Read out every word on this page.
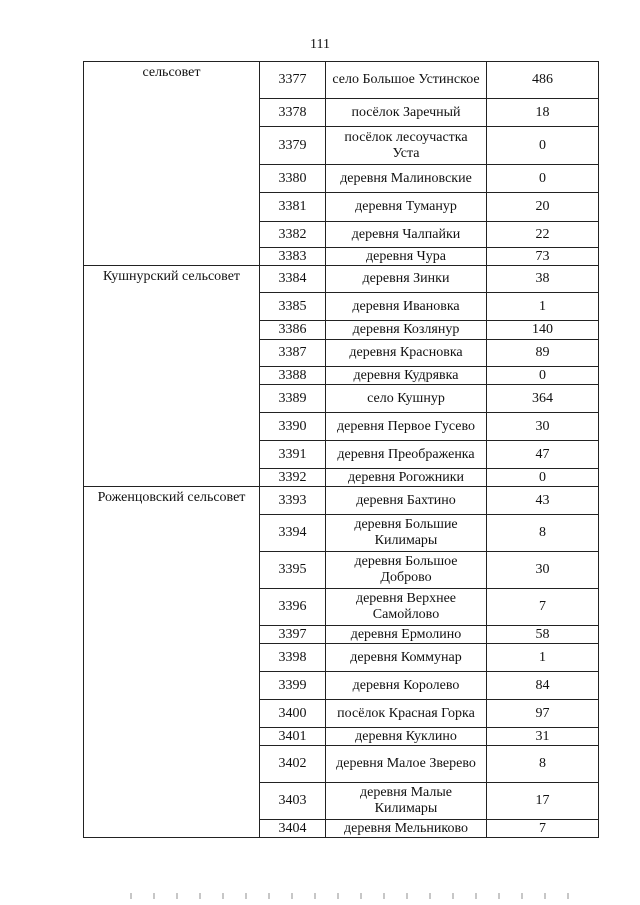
111
сельсовет	3377	село Большое Устинское	486
	3378	посёлок Заречный	18
	3379	посёлок лесоучастка Уста	0
	3380	деревня Малиновские	0
	3381	деревня Туманур	20
	3382	деревня Чалпайки	22
	3383	деревня Чура	73
Кушнурский сельсовет	3384	деревня Зинки	38
	3385	деревня Ивановка	1
	3386	деревня Козлянур	140
	3387	деревня Красновка	89
	3388	деревня Кудрявка	0
	3389	село Кушнур	364
	3390	деревня Первое Гусево	30
	3391	деревня Преображенка	47
	3392	деревня Рогожники	0
Роженцовский сельсовет	3393	деревня Бахтино	43
	3394	деревня Большие Килимары	8
	3395	деревня Большое Доброво	30
	3396	деревня Верхнее Самойлово	7
	3397	деревня Ермолино	58
	3398	деревня Коммунар	1
	3399	деревня Королево	84
	3400	посёлок Красная Горка	97
	3401	деревня Куклино	31
	3402	деревня Малое Зверево	8
	3403	деревня Малые Килимары	17
	3404	деревня Мельниково	7
